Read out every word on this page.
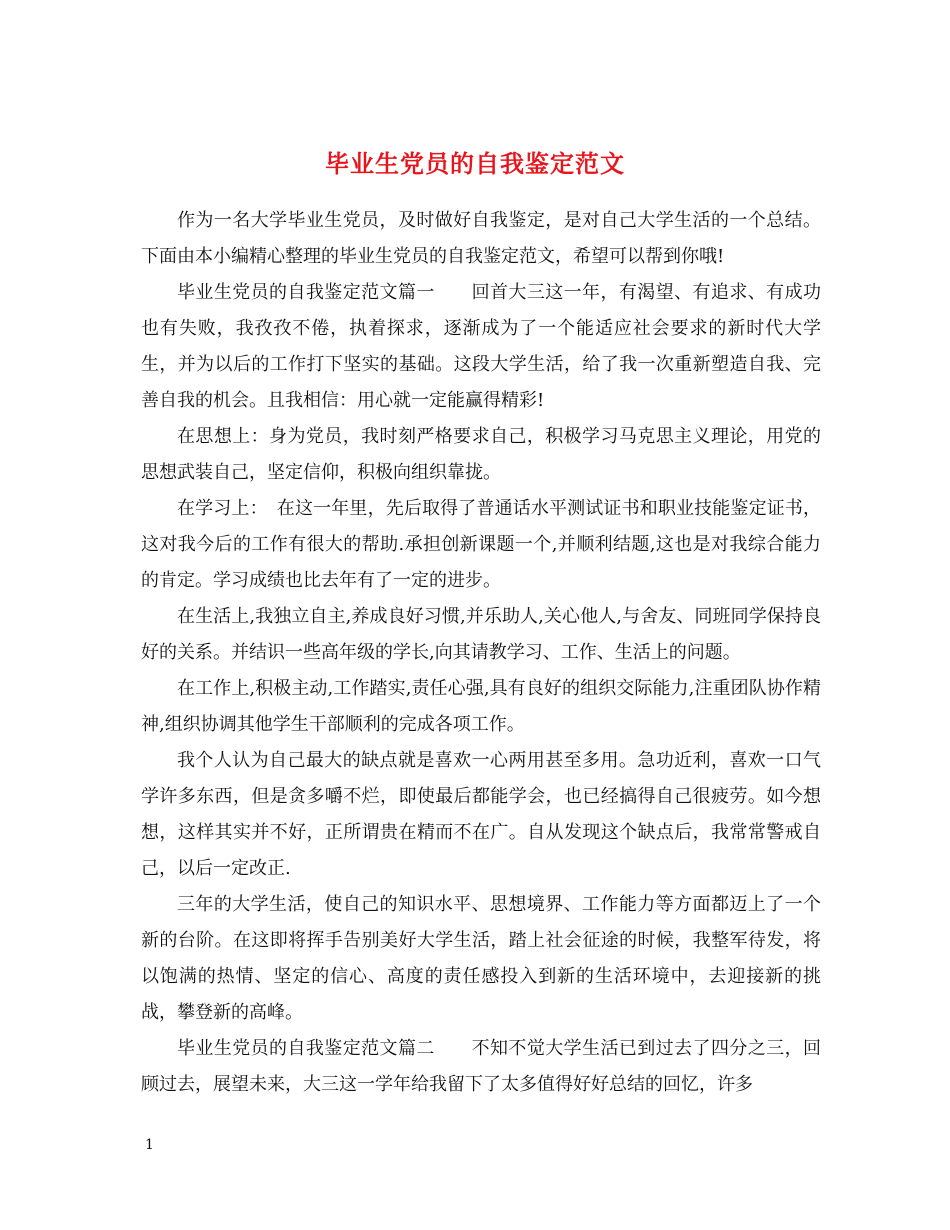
毕业生党员的自我鉴定范文

作为一名大学毕业生党员，及时做好自我鉴定，是对自己大学生活的一个总结。下面由本小编精心整理的毕业生党员的自我鉴定范文，希望可以帮到你哦!

毕业生党员的自我鉴定范文篇一　　回首大三这一年，有渴望、有追求、有成功也有失败，我孜孜不倦，执着探求，逐渐成为了一个能适应社会要求的新时代大学生，并为以后的工作打下坚实的基础。这段大学生活，给了我一次重新塑造自我、完善自我的机会。且我相信：用心就一定能赢得精彩!

在思想上：身为党员，我时刻严格要求自己，积极学习马克思主义理论，用党的思想武装自己，坚定信仰，积极向组织靠拢。

在学习上：　在这一年里，先后取得了普通话水平测试证书和职业技能鉴定证书，这对我今后的工作有很大的帮助.承担创新课题一个,并顺利结题,这也是对我综合能力的肯定。学习成绩也比去年有了一定的进步。

在生活上,我独立自主,养成良好习惯,并乐助人,关心他人,与舍友、同班同学保持良好的关系。并结识一些高年级的学长,向其请教学习、工作、生活上的问题。

在工作上,积极主动,工作踏实,责任心强,具有良好的组织交际能力,注重团队协作精神,组织协调其他学生干部顺利的完成各项工作。

我个人认为自己最大的缺点就是喜欢一心两用甚至多用。急功近利，喜欢一口气学许多东西，但是贪多嚼不烂，即使最后都能学会，也已经搞得自己很疲劳。如今想想，这样其实并不好，正所谓贵在精而不在广。自从发现这个缺点后，我常常警戒自己，以后一定改正.

三年的大学生活，使自己的知识水平、思想境界、工作能力等方面都迈上了一个新的台阶。在这即将挥手告别美好大学生活，踏上社会征途的时候，我整军待发，将以饱满的热情、坚定的信心、高度的责任感投入到新的生活环境中，去迎接新的挑战，攀登新的高峰。

毕业生党员的自我鉴定范文篇二　　不知不觉大学生活已到过去了四分之三，回顾过去，展望未来，大三这一学年给我留下了太多值得好好总结的回忆，许多

1
